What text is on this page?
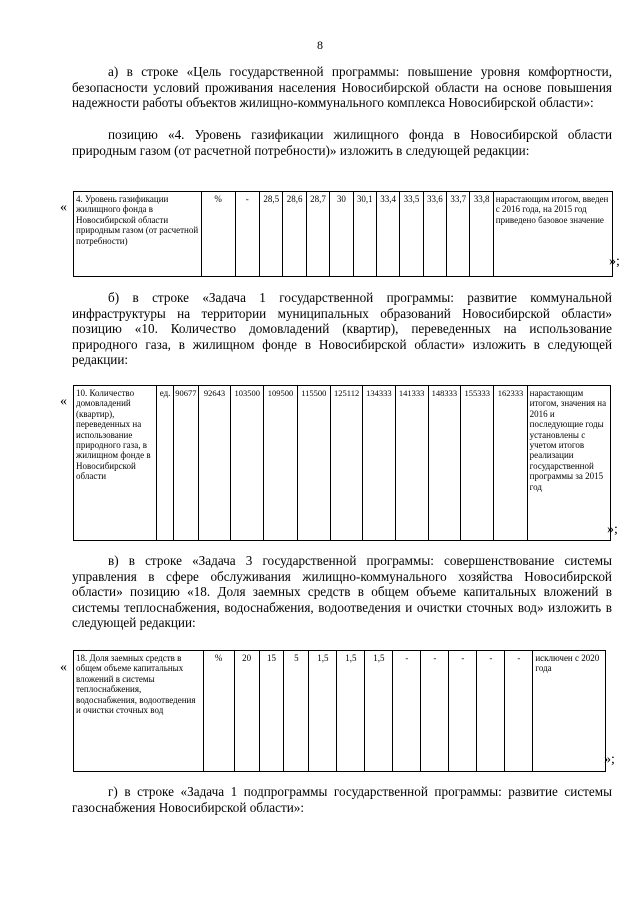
8

а) в строке «Цель государственной программы: повышение уровня комфортности, безопасности условий проживания населения Новосибирской области на основе повышения надежности работы объектов жилищно-коммунального комплекса Новосибирской области»:

позицию «4. Уровень газификации жилищного фонда в Новосибирской области природным газом (от расчетной потребности)» изложить в следующей редакции:

«
4. Уровень газификации жилищного фонда в Новосибирской области природным газом (от расчетной потребности)	%	-	28,5	28,6	28,7	30	30,1	33,4	33,5	33,6	33,7	33,8	нарастающим итогом, введен с 2016 года, на 2015 год приведено базовое значение
»;

б) в строке «Задача 1 государственной программы: развитие коммунальной инфраструктуры на территории муниципальных образований Новосибирской области» позицию «10. Количество домовладений (квартир), переведенных на использование природного газа, в жилищном фонде в Новосибирской области» изложить в следующей редакции:

«
10. Количество домовладений (квартир), переведенных на использование природного газа, в жилищном фонде в Новосибирской области	ед.	90677	92643	103500	109500	115500	125112	134333	141333	148333	155333	162333	нарастающим итогом, значения на 2016 и последующие годы установлены с учетом итогов реализации государственной программы за 2015 год
»;

в) в строке «Задача 3 государственной программы: совершенствование системы управления в сфере обслуживания жилищно-коммунального хозяйства Новосибирской области» позицию «18. Доля заемных средств в общем объеме капитальных вложений в системы теплоснабжения, водоснабжения, водоотведения и очистки сточных вод» изложить в следующей редакции:

«
18. Доля заемных средств в общем объеме капитальных вложений в системы теплоснабжения, водоснабжения, водоотведения и очистки сточных вод	%	20	15	5	1,5	1,5	1,5	-	-	-	-	-	исключен с 2020 года
»;

г) в строке «Задача 1 подпрограммы государственной программы: развитие системы газоснабжения Новосибирской области»:
